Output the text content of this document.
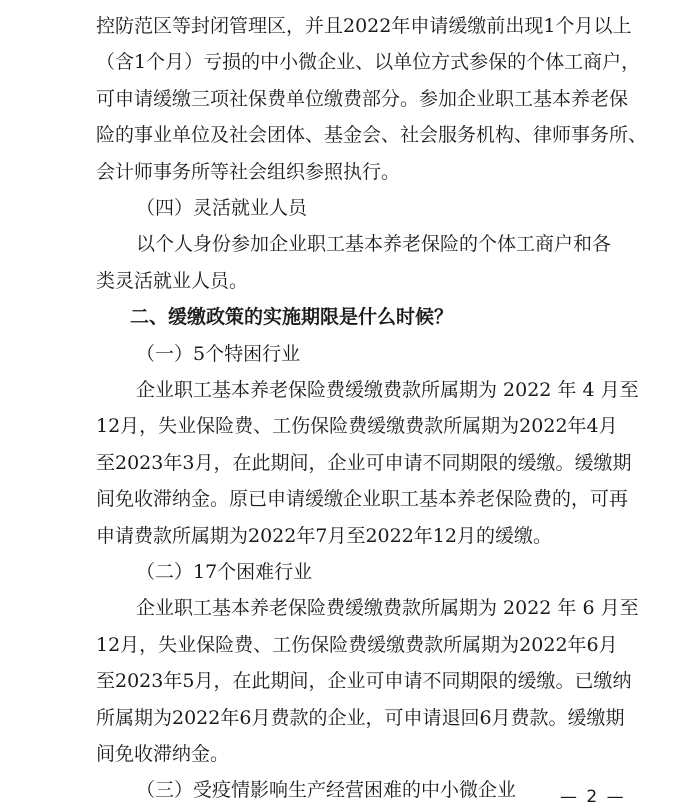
控防范区等封闭管理区，并且2022年申请缓缴前出现1个月以上
（含1个月）亏损的中小微企业、以单位方式参保的个体工商户，
可申请缓缴三项社保费单位缴费部分。参加企业职工基本养老保
险的事业单位及社会团体、基金会、社会服务机构、律师事务所、
会计师事务所等社会组织参照执行。
（四）灵活就业人员
以个人身份参加企业职工基本养老保险的个体工商户和各
类灵活就业人员。
二、缓缴政策的实施期限是什么时候？
（一）5个特困行业
企业职工基本养老保险费缓缴费款所属期为 2022 年 4 月至
12月，失业保险费、工伤保险费缓缴费款所属期为2022年4月
至2023年3月，在此期间，企业可申请不同期限的缓缴。缓缴期
间免收滞纳金。原已申请缓缴企业职工基本养老保险费的，可再
申请费款所属期为2022年7月至2022年12月的缓缴。
（二）17个困难行业
企业职工基本养老保险费缓缴费款所属期为 2022 年 6 月至
12月，失业保险费、工伤保险费缓缴费款所属期为2022年6月
至2023年5月，在此期间，企业可申请不同期限的缓缴。已缴纳
所属期为2022年6月费款的企业，可申请退回6月费款。缓缴期
间免收滞纳金。
（三）受疫情影响生产经营困难的中小微企业	— 2 —
